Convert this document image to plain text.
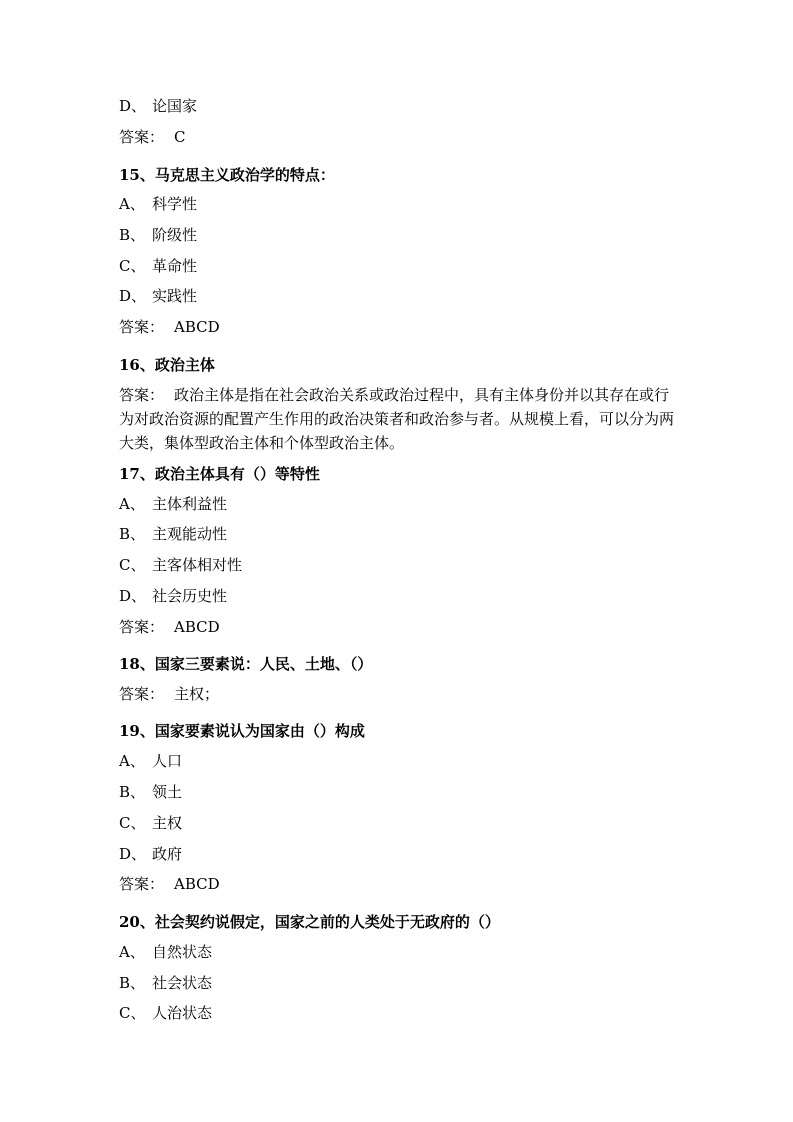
D、 论国家
答案： C
15、马克思主义政治学的特点：
A、 科学性
B、 阶级性
C、 革命性
D、 实践性
答案： ABCD
16、政治主体
答案： 政治主体是指在社会政治关系或政治过程中，具有主体身份并以其存在或行为对政治资源的配置产生作用的政治决策者和政治参与者。从规模上看，可以分为两大类，集体型政治主体和个体型政治主体。
17、政治主体具有（）等特性
A、 主体利益性
B、 主观能动性
C、 主客体相对性
D、 社会历史性
答案： ABCD
18、国家三要素说：人民、土地、（）
答案： 主权；
19、国家要素说认为国家由（）构成
A、 人口
B、 领土
C、 主权
D、 政府
答案： ABCD
20、社会契约说假定，国家之前的人类处于无政府的（）
A、 自然状态
B、 社会状态
C、 人治状态
